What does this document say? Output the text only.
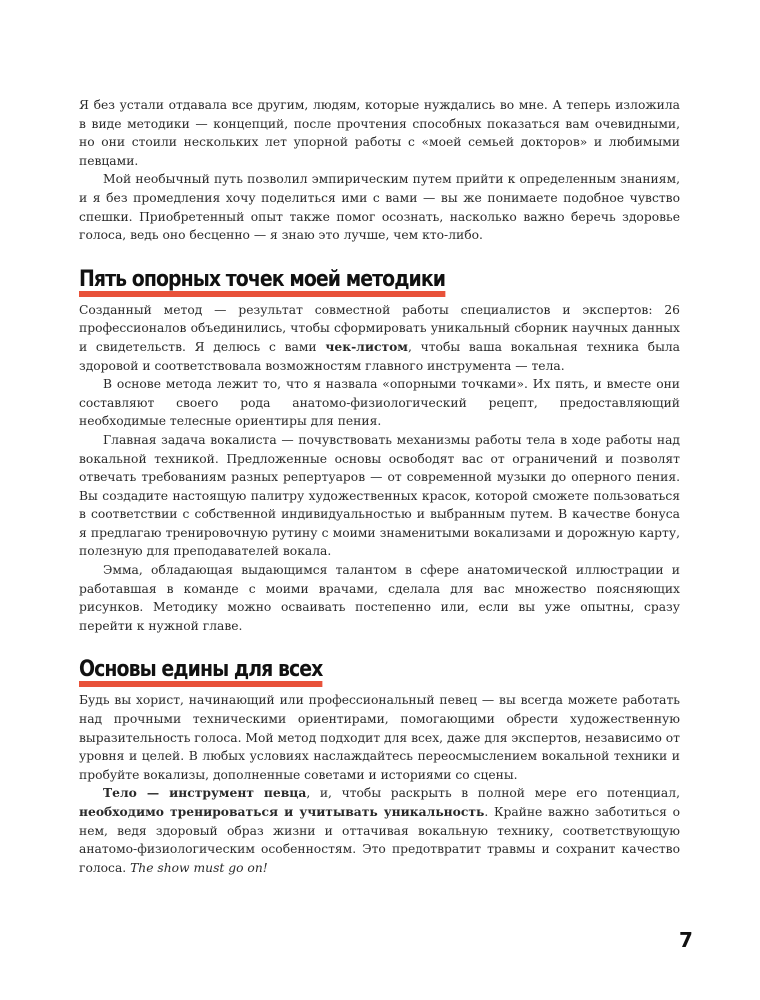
Я без устали отдавала все другим, людям, которые нуждались во мне. А теперь изложила в виде методики — концепций, после прочтения способных показаться вам очевидными, но они стоили нескольких лет упорной работы с «моей семьей докторов» и любимыми певцами.

Мой необычный путь позволил эмпирическим путем прийти к определенным знаниям, и я без промедления хочу поделиться ими с вами — вы же понимаете подобное чувство спешки. Приобретенный опыт также помог осознать, насколько важно беречь здоровье голоса, ведь оно бесценно — я знаю это лучше, чем кто-либо.

Пять опорных точек моей методики

Созданный метод — результат совместной работы специалистов и экспертов: 26 профессионалов объединились, чтобы сформировать уникальный сборник научных данных и свидетельств. Я делюсь с вами чек-листом, чтобы ваша вокальная техника была здоровой и соответствовала возможностям главного инструмента — тела.

В основе метода лежит то, что я назвала «опорными точками». Их пять, и вместе они составляют своего рода анатомо-физиологический рецепт, предоставляющий необходимые телесные ориентиры для пения.

Главная задача вокалиста — почувствовать механизмы работы тела в ходе работы над вокальной техникой. Предложенные основы освободят вас от ограничений и позволят отвечать требованиям разных репертуаров — от современной музыки до оперного пения. Вы создадите настоящую палитру художественных красок, которой сможете пользоваться в соответствии с собственной индивидуальностью и выбранным путем. В качестве бонуса я предлагаю тренировочную рутину с моими знаменитыми вокализами и дорожную карту, полезную для преподавателей вокала.

Эмма, обладающая выдающимся талантом в сфере анатомической иллюстрации и работавшая в команде с моими врачами, сделала для вас множество поясняющих рисунков. Методику можно осваивать постепенно или, если вы уже опытны, сразу перейти к нужной главе.

Основы едины для всех

Будь вы хорист, начинающий или профессиональный певец — вы всегда можете работать над прочными техническими ориентирами, помогающими обрести художественную выразительность голоса. Мой метод подходит для всех, даже для экспертов, независимо от уровня и целей. В любых условиях наслаждайтесь переосмыслением вокальной техники и пробуйте вокализы, дополненные советами и историями со сцены.

Тело — инструмент певца, и, чтобы раскрыть в полной мере его потенциал, необходимо тренироваться и учитывать уникальность. Крайне важно заботиться о нем, ведя здоровый образ жизни и оттачивая вокальную технику, соответствующую анатомо-физиологическим особенностям. Это предотвратит травмы и сохранит качество голоса. The show must go on!

7
